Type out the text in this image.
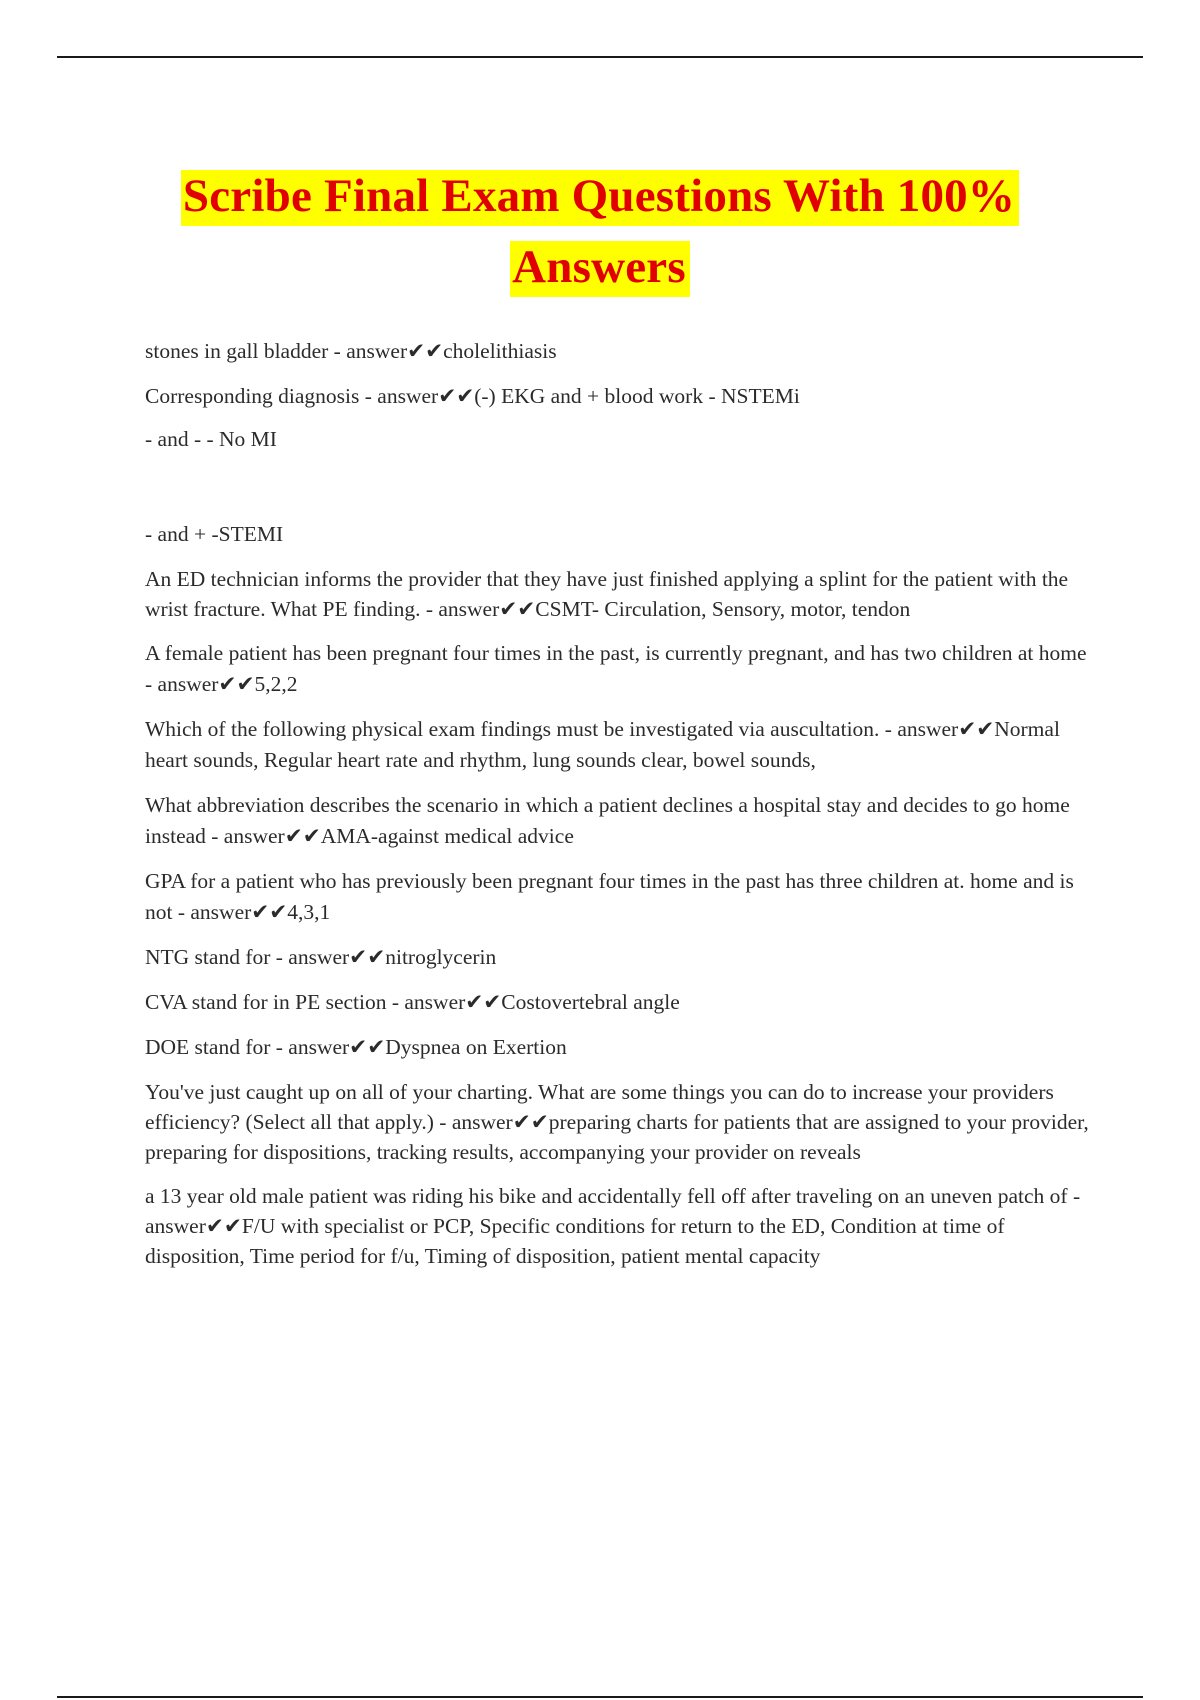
Scribe Final Exam Questions With 100%
Answers

stones in gall bladder - answer✔✔cholelithiasis

Corresponding diagnosis - answer✔✔(-) EKG and + blood work - NSTEMi

- and - - No MI

- and + -STEMI

An ED technician informs the provider that they have just finished applying a splint for the patient with the wrist fracture. What PE finding. - answer✔✔CSMT- Circulation, Sensory, motor, tendon

A female patient has been pregnant four times in the past, is currently pregnant, and has two children at home - answer✔✔5,2,2

Which of the following physical exam findings must be investigated via auscultation. - answer✔✔Normal heart sounds, Regular heart rate and rhythm, lung sounds clear, bowel sounds,

What abbreviation describes the scenario in which a patient declines a hospital stay and decides to go home instead - answer✔✔AMA-against medical advice

GPA for a patient who has previously been pregnant four times in the past has three children at. home and is not - answer✔✔4,3,1

NTG stand for - answer✔✔nitroglycerin

CVA stand for in PE section - answer✔✔Costovertebral angle

DOE stand for - answer✔✔Dyspnea on Exertion

You've just caught up on all of your charting. What are some things you can do to increase your providers efficiency? (Select all that apply.) - answer✔✔preparing charts for patients that are assigned to your provider, preparing for dispositions, tracking results, accompanying your provider on reveals

a 13 year old male patient was riding his bike and accidentally fell off after traveling on an uneven patch of - answer✔✔F/U with specialist or PCP, Specific conditions for return to the ED, Condition at time of disposition, Time period for f/u, Timing of disposition, patient mental capacity
